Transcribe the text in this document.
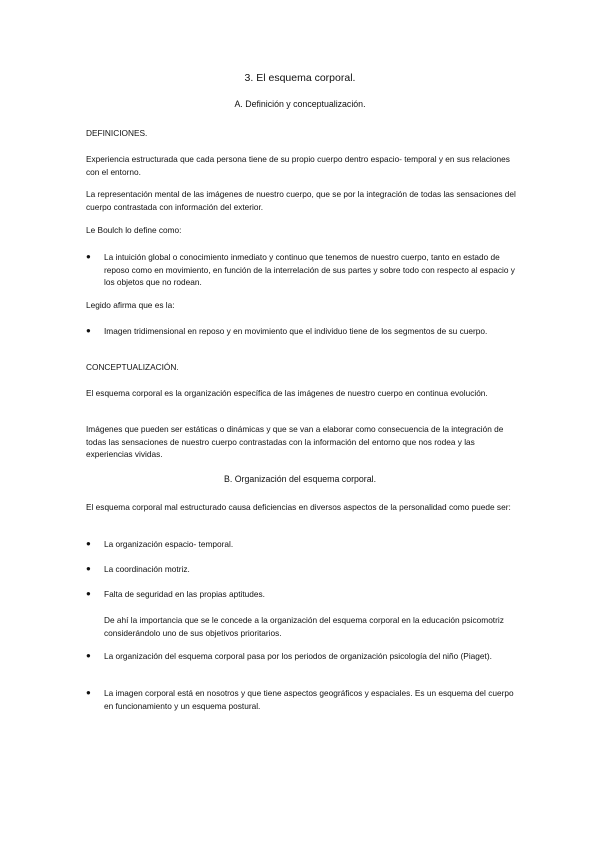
3. El esquema corporal.
A. Definición y conceptualización.

DEFINICIONES.

Experiencia estructurada que cada persona tiene de su propio cuerpo dentro espacio- temporal y en sus relaciones con el entorno.

La representación mental de las imágenes de nuestro cuerpo, que se por la integración de todas las sensaciones del cuerpo contrastada con información del exterior.

Le Boulch lo define como:

● La intuición global o conocimiento inmediato y continuo que tenemos de nuestro cuerpo, tanto en estado de reposo como en movimiento, en función de la interrelación de sus partes y sobre todo con respecto al espacio y los objetos que no rodean.

Legido afirma que es la:

● Imagen tridimensional en reposo y en movimiento que el individuo tiene de los segmentos de su cuerpo.

CONCEPTUALIZACIÓN.

El esquema corporal es la organización específica de las imágenes de nuestro cuerpo en continua evolución.

Imágenes que pueden ser estáticas o dinámicas y que se van a elaborar como consecuencia de la integración de todas las sensaciones de nuestro cuerpo contrastadas con la información del entorno que nos rodea y las experiencias vividas.

B. Organización del esquema corporal.

El esquema corporal mal estructurado causa deficiencias en diversos aspectos de la personalidad como puede ser:

● La organización espacio- temporal.

● La coordinación motriz.

● Falta de seguridad en las propias aptitudes.

De ahí la importancia que se le concede a la organización del esquema corporal en la educación psicomotriz considerándolo uno de sus objetivos prioritarios.

● La organización del esquema corporal pasa por los periodos de organización psicología del niño (Piaget).

● La imagen corporal está en nosotros y que tiene aspectos geográficos y espaciales. Es un esquema del cuerpo en funcionamiento y un esquema postural.
